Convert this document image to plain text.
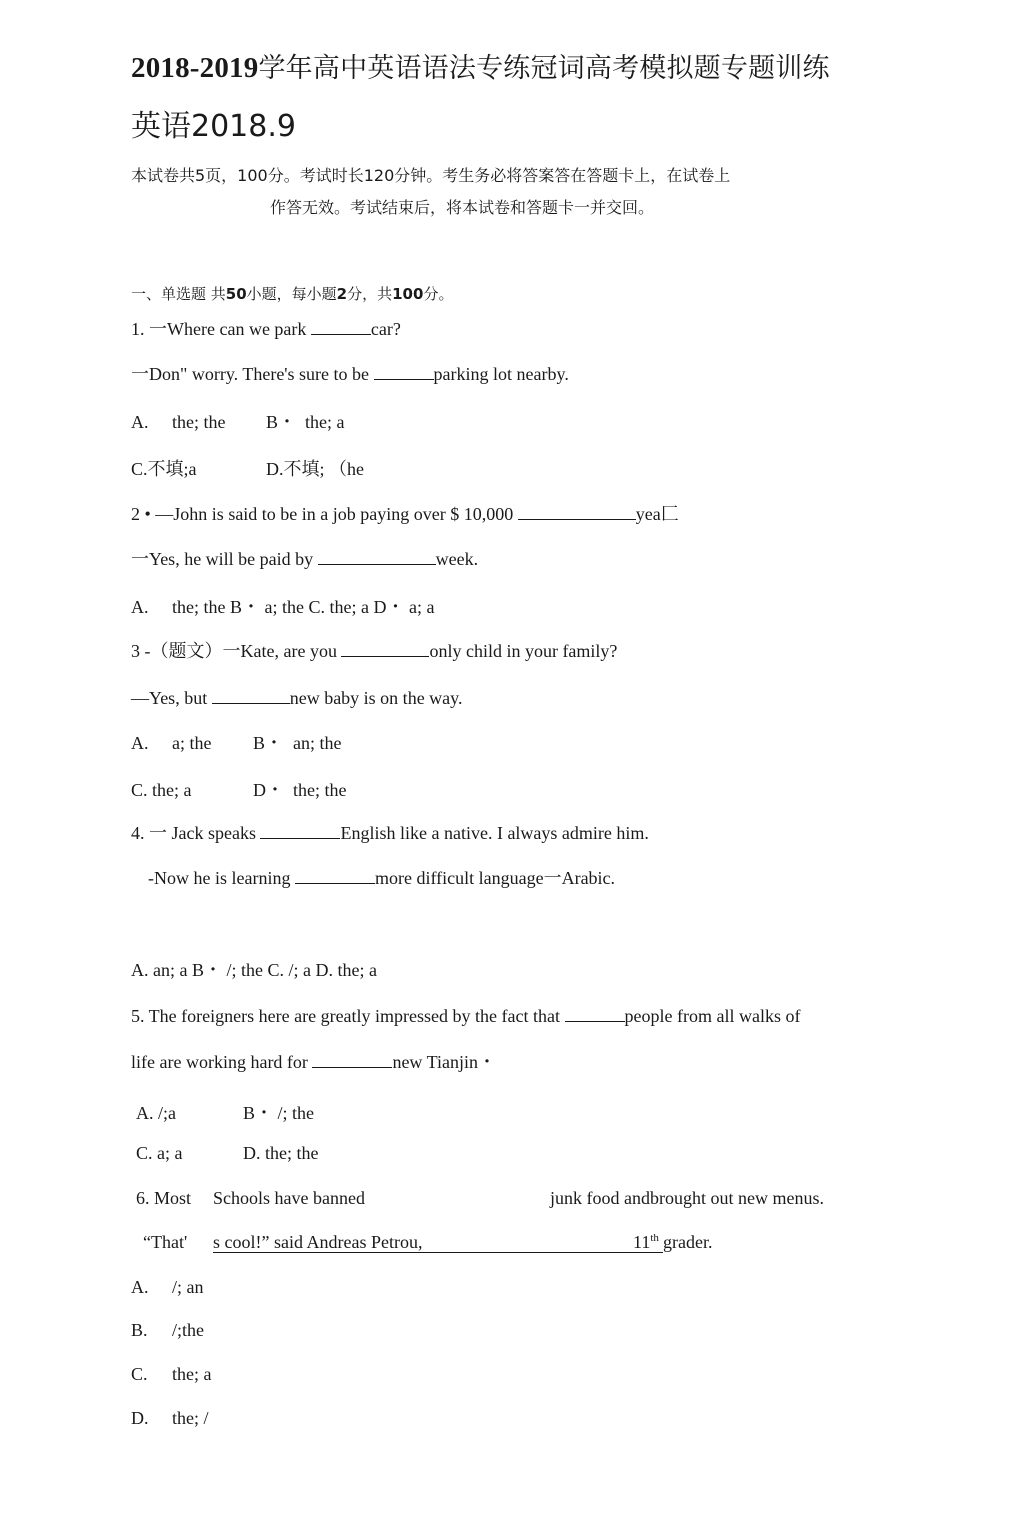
2018-2019学年高中英语语法专练冠词高考模拟题专题训练
英语2018.9
本试卷共5页，100分。考试时长120分钟。考生务必将答案答在答题卡上，在试卷上
作答无效。考试结束后，将本试卷和答题卡一并交回。
一、单选题 共50小题，每小题2分，共100分。
1. 一Where can we park	car?
一Don" worry. There's sure to be	parking lot nearby.
A. the; the B・ the; a
C.不填;a	D.不填; （he
2 • —John is said to be in a job paying over $ 10,000	yea匚
一Yes, he will be paid by	week.
A. the; the B・ a; the C. the; a D・ a; a
3 -（题文）一Kate, are you	only child in your family?
—Yes, but	new baby is on the way.
A. a; the B・ an; the
C. the; a	D・ the; the
4. 一 Jack speaks	English like a native. I always admire him.
-Now he is learning	more difficult language一Arabic.
A. an; a B・ /; the C. /; a D. the; a
5. The foreigners here are greatly impressed by the fact that	people from all walks of
life are working hard for	new Tianjin・
A. /;a	B・ /; the
C. a; a	D. the; the
6. Most Schools have banned	junk food andbrought out new menus.
“That' s cool!” said Andreas Petrou,	11th grader.
A. /; an
B. /;the
C. the; a
D. the; /
